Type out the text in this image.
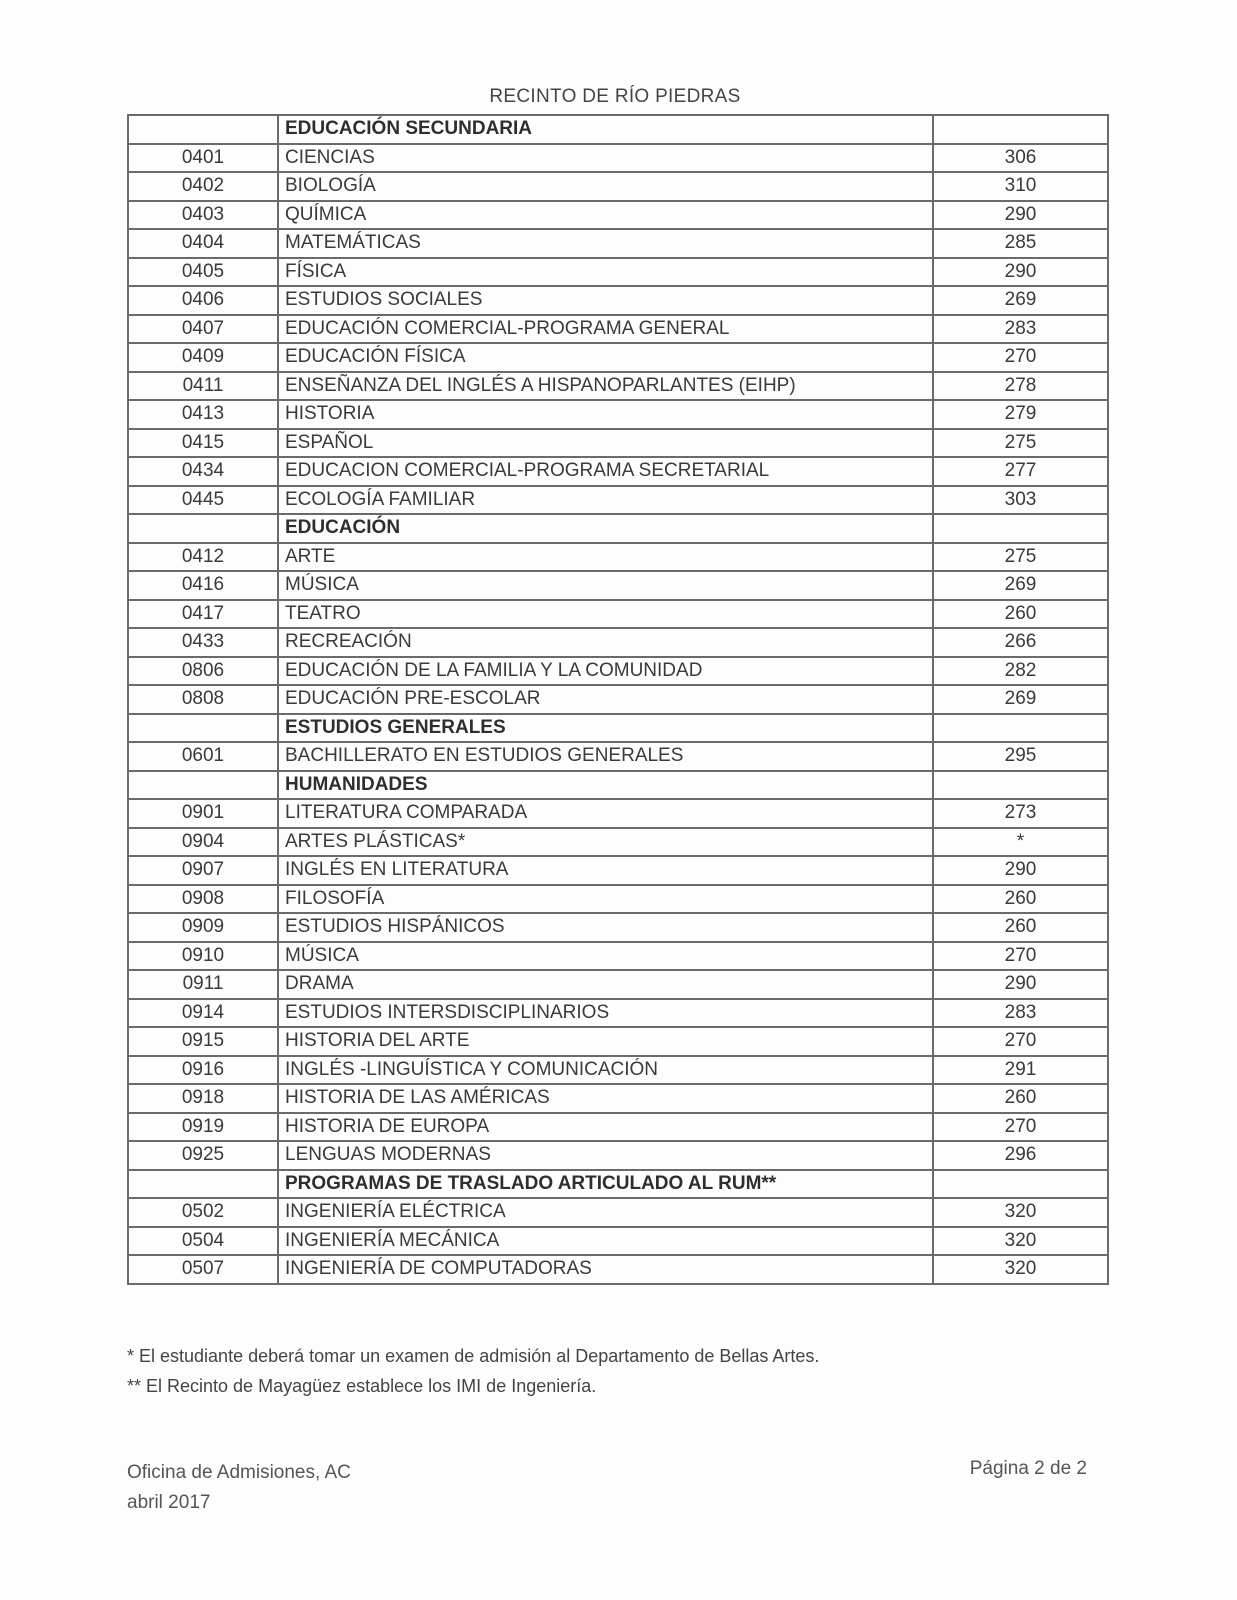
RECINTO DE RÍO PIEDRAS
	EDUCACIÓN SECUNDARIA	
0401	CIENCIAS	306
0402	BIOLOGÍA	310
0403	QUÍMICA	290
0404	MATEMÁTICAS	285
0405	FÍSICA	290
0406	ESTUDIOS SOCIALES	269
0407	EDUCACIÓN COMERCIAL-PROGRAMA GENERAL	283
0409	EDUCACIÓN FÍSICA	270
0411	ENSEÑANZA DEL INGLÉS A HISPANOPARLANTES (EIHP)	278
0413	HISTORIA	279
0415	ESPAÑOL	275
0434	EDUCACION COMERCIAL-PROGRAMA SECRETARIAL	277
0445	ECOLOGÍA FAMILIAR	303
	EDUCACIÓN	
0412	ARTE	275
0416	MÚSICA	269
0417	TEATRO	260
0433	RECREACIÓN	266
0806	EDUCACIÓN DE LA FAMILIA Y LA COMUNIDAD	282
0808	EDUCACIÓN PRE-ESCOLAR	269
	ESTUDIOS GENERALES	
0601	BACHILLERATO EN ESTUDIOS GENERALES	295
	HUMANIDADES	
0901	LITERATURA COMPARADA	273
0904	ARTES PLÁSTICAS*	*
0907	INGLÉS EN LITERATURA	290
0908	FILOSOFÍA	260
0909	ESTUDIOS HISPÁNICOS	260
0910	MÚSICA	270
0911	DRAMA	290
0914	ESTUDIOS INTERSDISCIPLINARIOS	283
0915	HISTORIA DEL ARTE	270
0916	INGLÉS -LINGUÍSTICA Y COMUNICACIÓN	291
0918	HISTORIA DE LAS AMÉRICAS	260
0919	HISTORIA DE EUROPA	270
0925	LENGUAS MODERNAS	296
	PROGRAMAS DE TRASLADO ARTICULADO AL RUM**	
0502	INGENIERÍA ELÉCTRICA	320
0504	INGENIERÍA MECÁNICA	320
0507	INGENIERÍA DE COMPUTADORAS	320
* El estudiante deberá tomar un examen de admisión al Departamento de Bellas Artes.
** El Recinto de Mayagüez establece los IMI de Ingeniería.
Oficina de Admisiones, AC
abril 2017
Página 2 de 2
